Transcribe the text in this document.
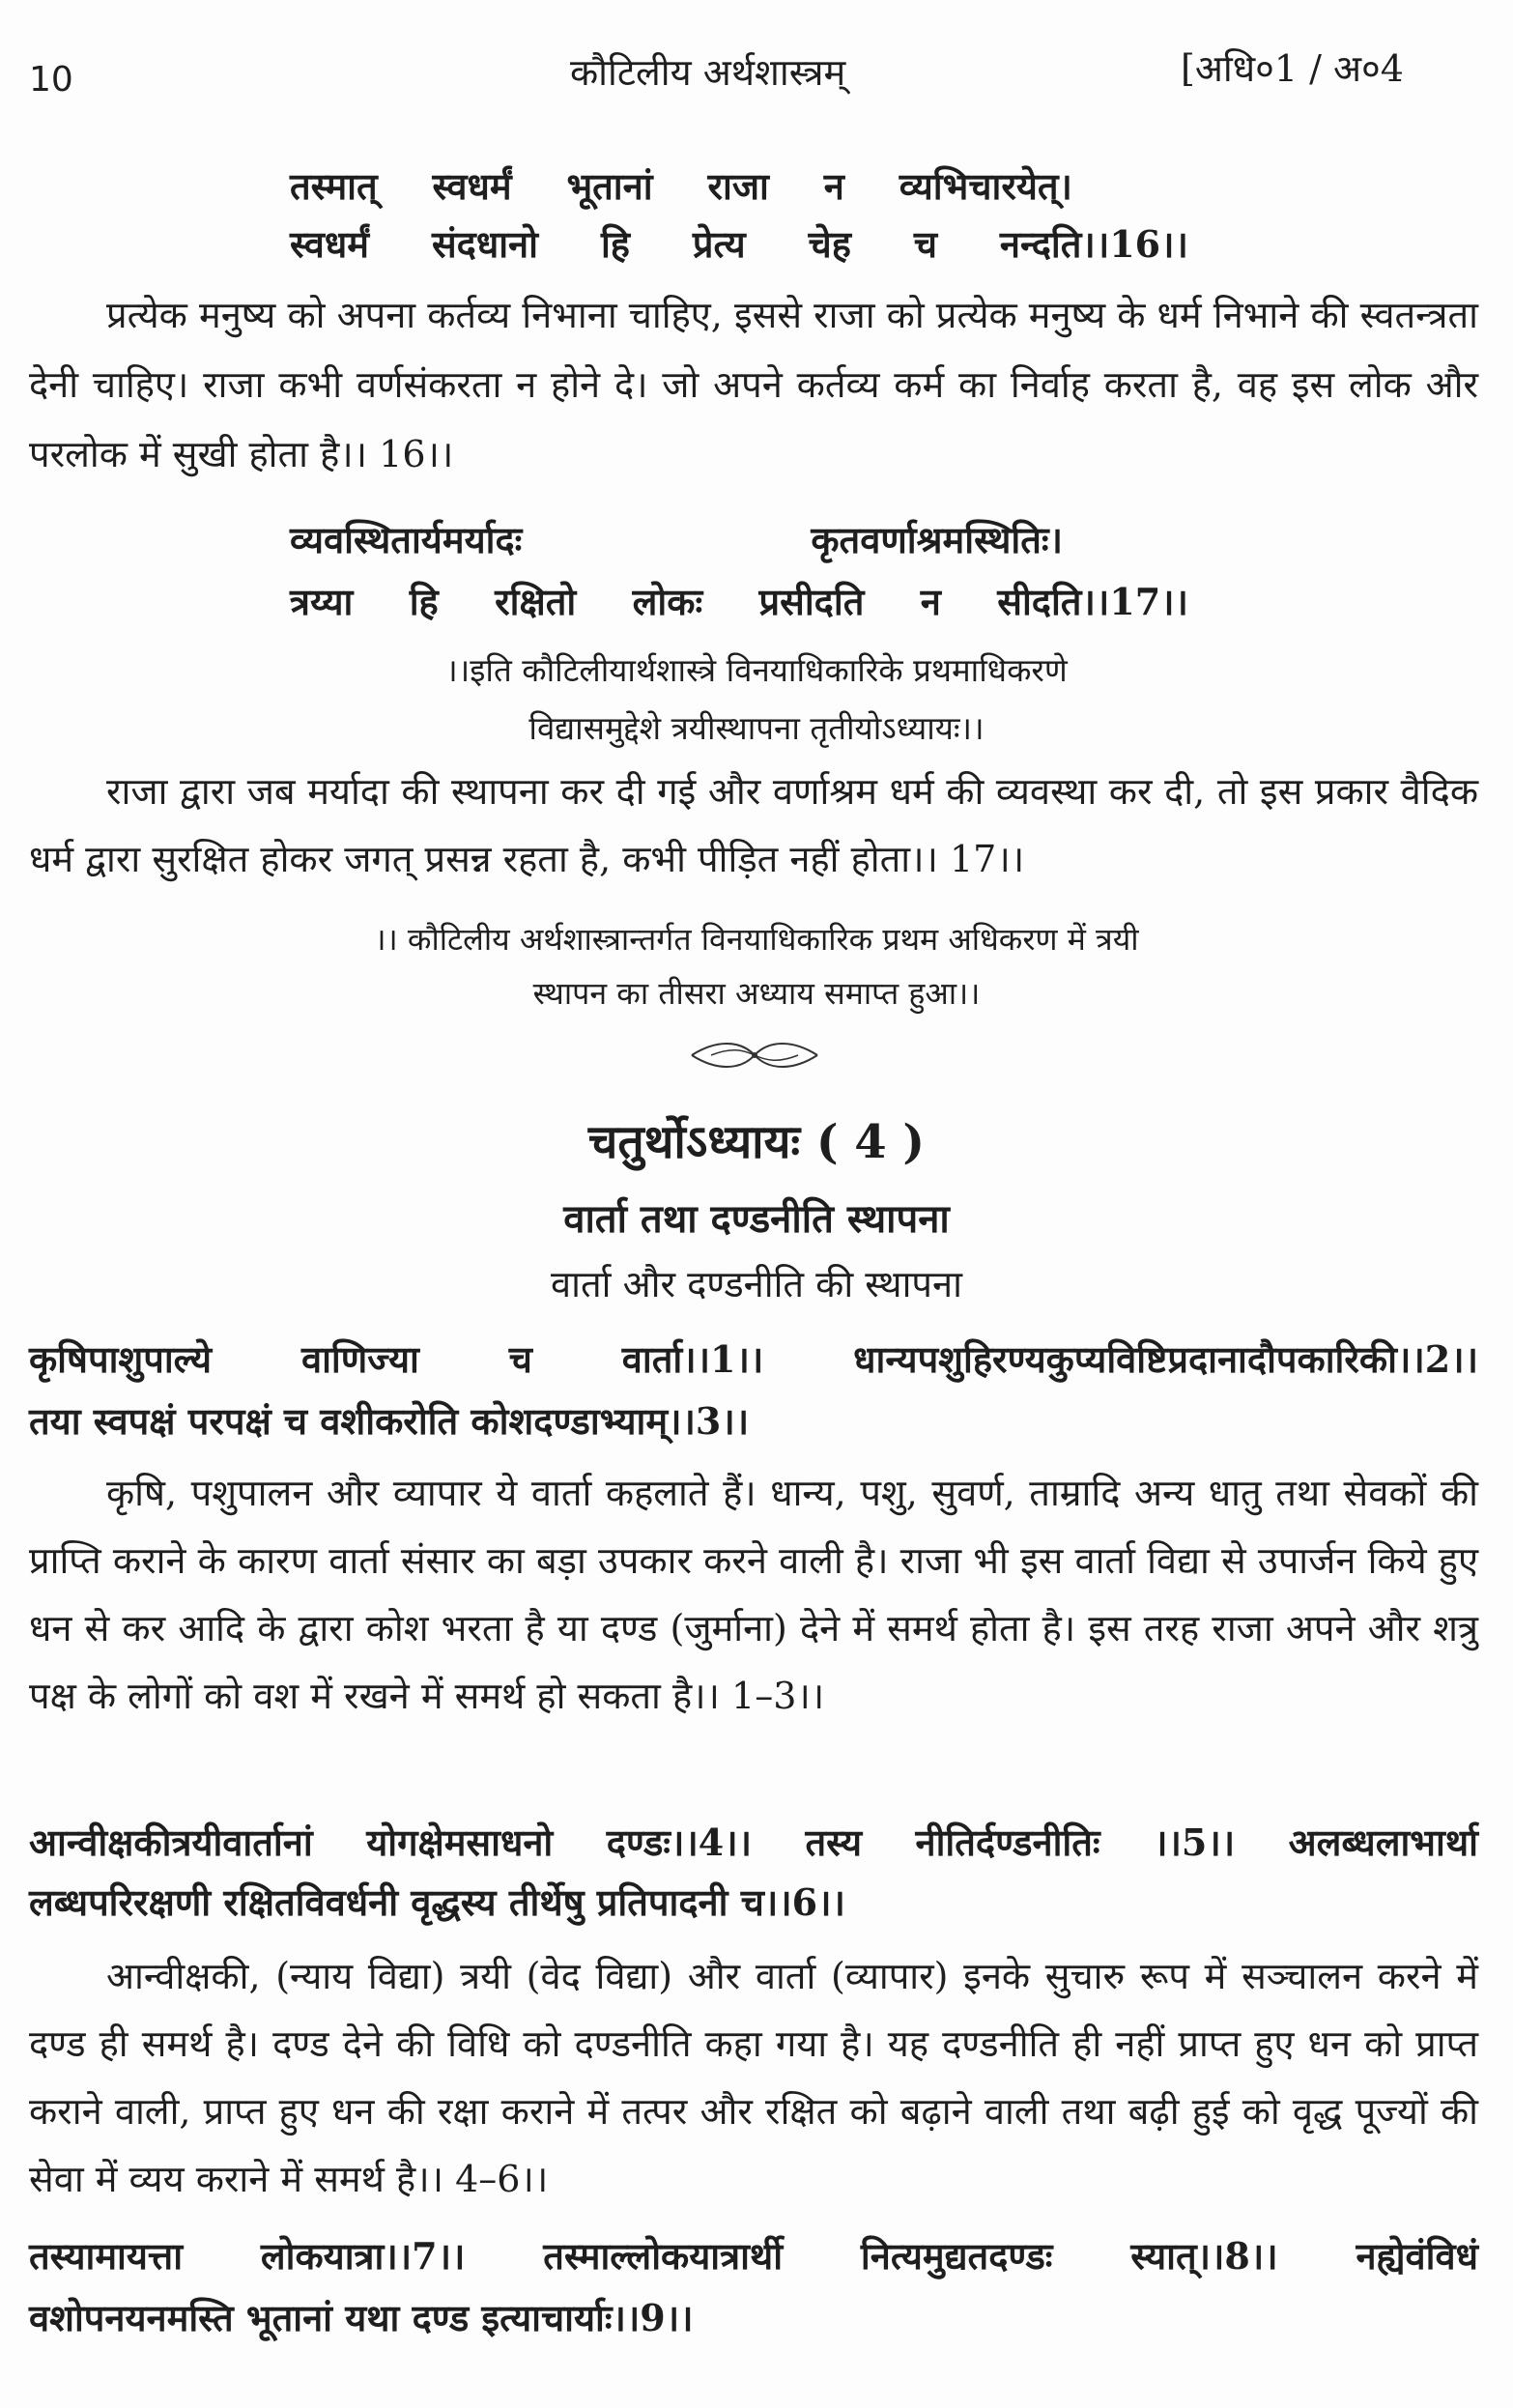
10	कौटिलीय अर्थशास्त्रम्	[अधि०1 / अ०4
तस्मात् स्वधर्मं भूतानां राजा न व्यभिचारयेत्।
स्वधर्मं संदधानो हि प्रेत्य चेह च नन्दति।।16।।
प्रत्येक मनुष्य को अपना कर्तव्य निभाना चाहिए, इससे राजा को प्रत्येक मनुष्य के धर्म निभाने की स्वतन्त्रता देनी चाहिए। राजा कभी वर्णसंकरता न होने दे। जो अपने कर्तव्य कर्म का निर्वाह करता है, वह इस लोक और परलोक में सुखी होता है।। 16।।
व्यवस्थितार्यमर्यादः	कृतवर्णाश्रमस्थितिः।
त्रय्या हि रक्षितो लोकः प्रसीदति न सीदति।।17।।
।।इति कौटिलीयार्थशास्त्रे विनयाधिकारिके प्रथमाधिकरणे
विद्यासमुद्देशे त्रयीस्थापना तृतीयोऽध्यायः।।
राजा द्वारा जब मर्यादा की स्थापना कर दी गई और वर्णाश्रम धर्म की व्यवस्था कर दी, तो इस प्रकार वैदिक धर्म द्वारा सुरक्षित होकर जगत् प्रसन्न रहता है, कभी पीड़ित नहीं होता।। 17।।
।। कौटिलीय अर्थशास्त्रान्तर्गत विनयाधिकारिक प्रथम अधिकरण में त्रयी
स्थापन का तीसरा अध्याय समाप्त हुआ।।
चतुर्थोऽध्यायः ( 4 )
वार्ता तथा दण्डनीति स्थापना
वार्ता और दण्डनीति की स्थापना
कृषिपाशुपाल्ये वाणिज्या च वार्ता।।1।। धान्यपशुहिरण्यकुप्यविष्टिप्रदानादौपकारिकी।।2।।
तया स्वपक्षं परपक्षं च वशीकरोति कोशदण्डाभ्याम्।।3।।
कृषि, पशुपालन और व्यापार ये वार्ता कहलाते हैं। धान्य, पशु, सुवर्ण, ताम्रादि अन्य धातु तथा सेवकों की प्राप्ति कराने के कारण वार्ता संसार का बड़ा उपकार करने वाली है। राजा भी इस वार्ता विद्या से उपार्जन किये हुए धन से कर आदि के द्वारा कोश भरता है या दण्ड (जुर्माना) देने में समर्थ होता है। इस तरह राजा अपने और शत्रु पक्ष के लोगों को वश में रखने में समर्थ हो सकता है।। 1–3।।
आन्वीक्षकीत्रयीवार्तानां योगक्षेमसाधनो दण्डः।।4।। तस्य नीतिर्दण्डनीतिः ।।5।। अलब्धलाभार्था
लब्धपरिरक्षणी रक्षितविवर्धनी वृद्धस्य तीर्थेषु प्रतिपादनी च।।6।।
आन्वीक्षकी, (न्याय विद्या) त्रयी (वेद विद्या) और वार्ता (व्यापार) इनके सुचारु रूप में सञ्चालन करने में दण्ड ही समर्थ है। दण्ड देने की विधि को दण्डनीति कहा गया है। यह दण्डनीति ही नहीं प्राप्त हुए धन को प्राप्त कराने वाली, प्राप्त हुए धन की रक्षा कराने में तत्पर और रक्षित को बढ़ाने वाली तथा बढ़ी हुई को वृद्ध पूज्यों की सेवा में व्यय कराने में समर्थ है।। 4–6।।
तस्यामायत्ता लोकयात्रा।।7।। तस्माल्लोकयात्रार्थी नित्यमुद्यतदण्डः स्यात्।।8।। नह्येवंविधं
वशोपनयनमस्ति भूतानां यथा दण्ड इत्याचार्याः।।9।।
